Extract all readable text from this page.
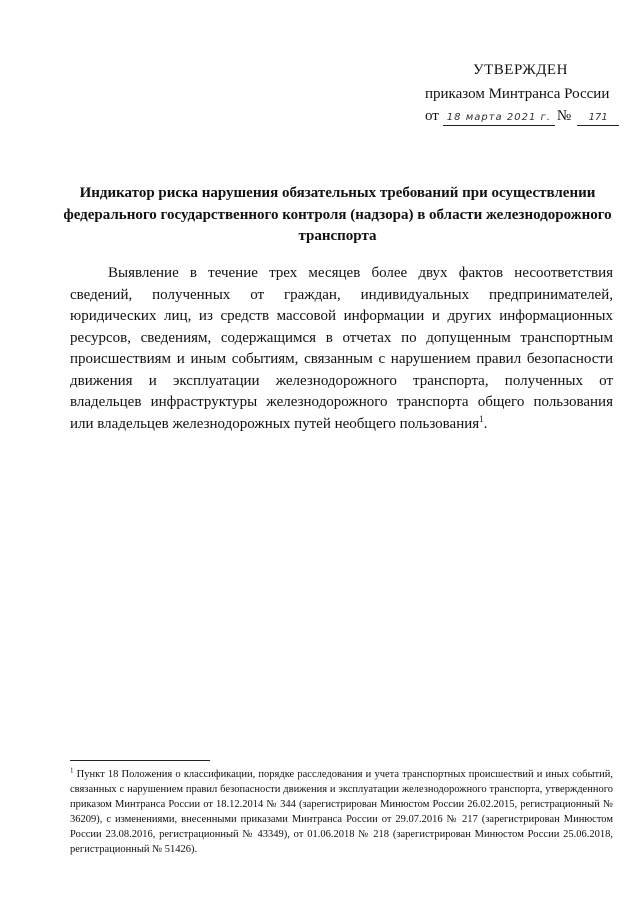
УТВЕРЖДЕН
приказом Минтранса России
от 18 марта 2021 г. № 171
Индикатор риска нарушения обязательных требований при осуществлении федерального государственного контроля (надзора) в области железнодорожного транспорта

Выявление в течение трех месяцев более двух фактов несоответствия сведений, полученных от граждан, индивидуальных предпринимателей, юридических лиц, из средств массовой информации и других информационных ресурсов, сведениям, содержащимся в отчетах по допущенным транспортным происшествиям и иным событиям, связанным с нарушением правил безопасности движения и эксплуатации железнодорожного транспорта, полученных от владельцев инфраструктуры железнодорожного транспорта общего пользования или владельцев железнодорожных путей необщего пользования$^1$.

$^1$ Пункт 18 Положения о классификации, порядке расследования и учета транспортных происшествий и иных событий, связанных с нарушением правил безопасности движения и эксплуатации железнодорожного транспорта, утвержденного приказом Минтранса России от 18.12.2014 № 344 (зарегистрирован Минюстом России 26.02.2015, регистрационный № 36209), с изменениями, внесенными приказами Минтранса России от 29.07.2016 № 217 (зарегистрирован Минюстом России 23.08.2016, регистрационный № 43349), от 01.06.2018 № 218 (зарегистрирован Минюстом России 25.06.2018, регистрационный № 51426).
